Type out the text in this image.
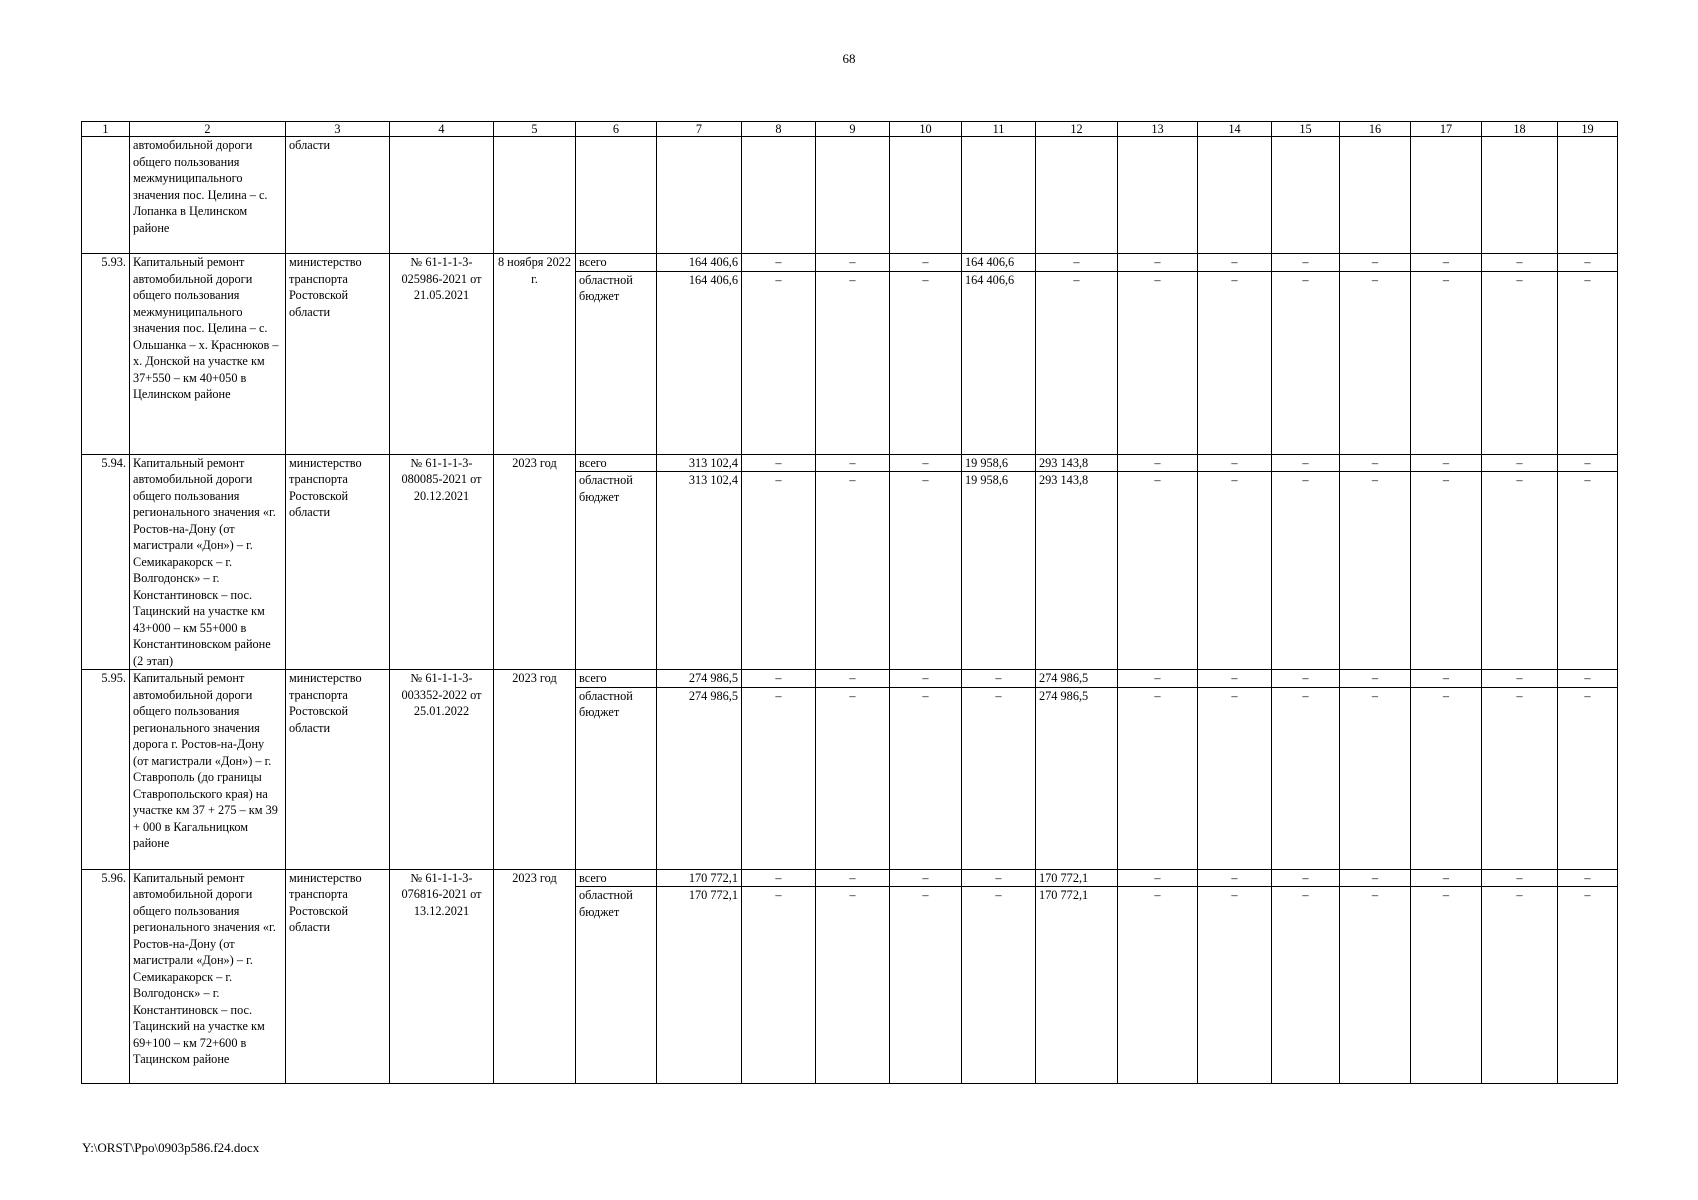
68
1	2	3	4	5	6	7	8	9	10	11	12	13	14	15	16	17	18	19
	автомобильной дороги общего пользования межмуниципального значения пос. Целина – с. Лопанка в Целинском районе	области																
5.93.	Капитальный ремонт автомобильной дороги общего пользования межмуниципального значения пос. Целина – с. Ольшанка – х. Краснюков – х. Донской на участке км 37+550 – км 40+050 в Целинском районе	министерство транспорта Ростовской области	№ 61-1-1-3-025986-2021 от 21.05.2021	8 ноября 2022 г.	всего	164 406,6	–	–	–	164 406,6	–	–	–	–	–	–	–	–
					областной бюджет	164 406,6	–	–	–	164 406,6	–	–	–	–	–	–	–	–
5.94.	Капитальный ремонт автомобильной дороги общего пользования регионального значения «г. Ростов-на-Дону (от магистрали «Дон») – г. Семикаракорск – г. Волгодонск» – г. Константиновск – пос. Тацинский на участке км 43+000 – км 55+000 в Константиновском районе (2 этап)	министерство транспорта Ростовской области	№ 61-1-1-3-080085-2021 от 20.12.2021	2023 год	всего	313 102,4	–	–	–	19 958,6	293 143,8	–	–	–	–	–	–	–
					областной бюджет	313 102,4	–	–	–	19 958,6	293 143,8	–	–	–	–	–	–	–
5.95.	Капитальный ремонт автомобильной дороги общего пользования регионального значения дорога г. Ростов-на-Дону (от магистрали «Дон») – г. Ставрополь (до границы Ставропольского края) на участке км 37 + 275 – км 39 + 000 в Кагальницком районе	министерство транспорта Ростовской области	№ 61-1-1-3-003352-2022 от 25.01.2022	2023 год	всего	274 986,5	–	–	–	–	274 986,5	–	–	–	–	–	–	–
					областной бюджет	274 986,5	–	–	–	–	274 986,5	–	–	–	–	–	–	–
5.96.	Капитальный ремонт автомобильной дороги общего пользования регионального значения «г. Ростов-на-Дону (от магистрали «Дон») – г. Семикаракорск – г. Волгодонск» – г. Константиновск – пос. Тацинский на участке км 69+100 – км 72+600 в Тацинском районе	министерство транспорта Ростовской области	№ 61-1-1-3-076816-2021 от 13.12.2021	2023 год	всего	170 772,1	–	–	–	–	170 772,1	–	–	–	–	–	–	–
					областной бюджет	170 772,1	–	–	–	–	170 772,1	–	–	–	–	–	–	–
Y:\ORST\Ppo\0903p586.f24.docx
